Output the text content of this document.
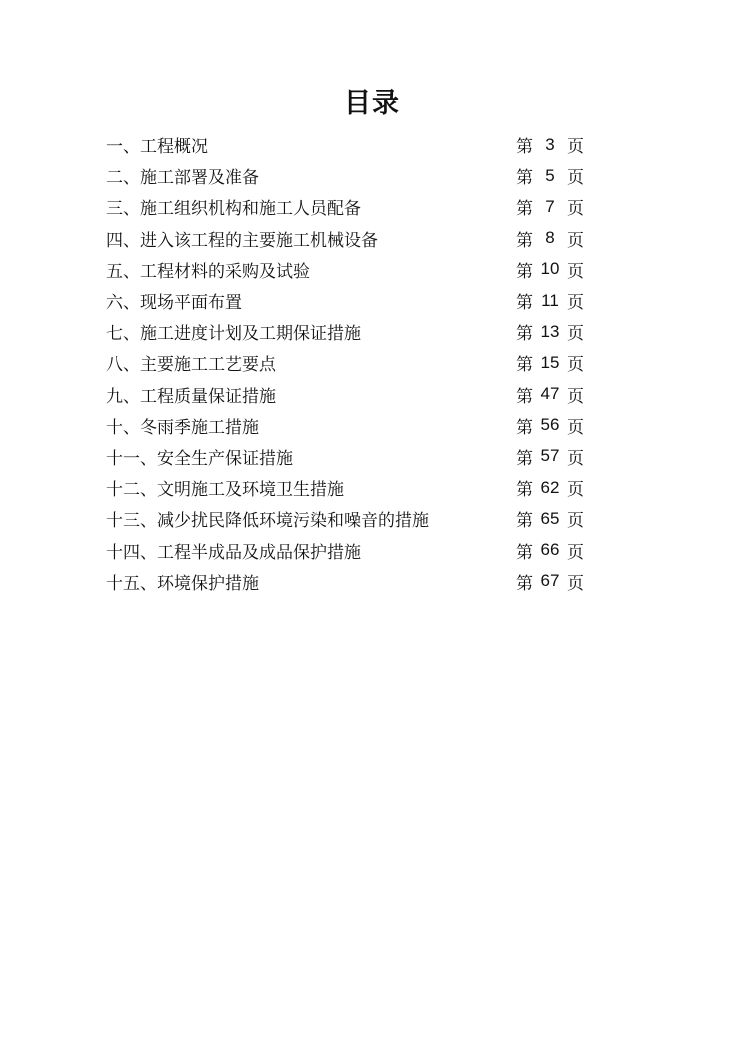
目录
一、工程概况	第 3 页
二、施工部署及准备	第 5 页
三、施工组织机构和施工人员配备	第 7 页
四、进入该工程的主要施工机械设备	第 8 页
五、工程材料的采购及试验	第 10 页
六、现场平面布置	第 11 页
七、施工进度计划及工期保证措施	第 13 页
八、主要施工工艺要点	第 15 页
九、工程质量保证措施	第 47 页
十、冬雨季施工措施	第 56 页
十一、安全生产保证措施	第 57 页
十二、文明施工及环境卫生措施	第 62 页
十三、减少扰民降低环境污染和噪音的措施	第 65 页
十四、工程半成品及成品保护措施	第 66 页
十五、环境保护措施	第 67 页
